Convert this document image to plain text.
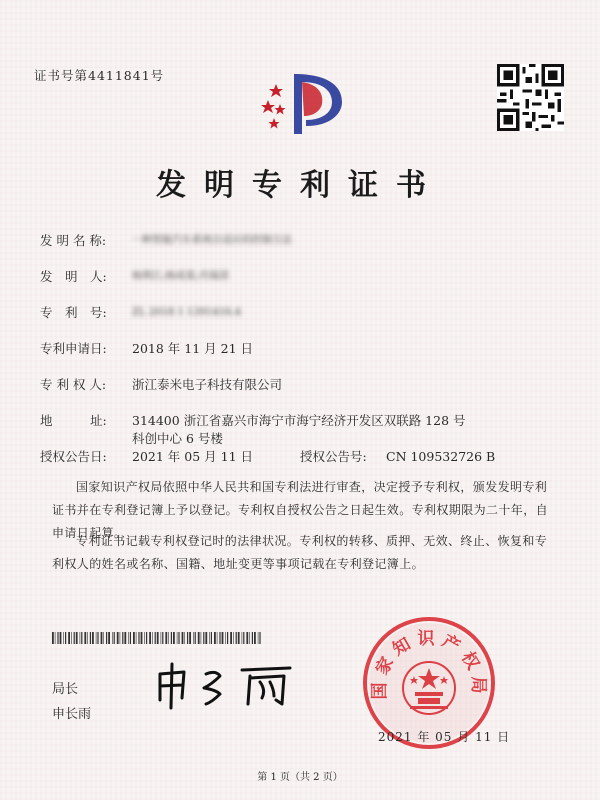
证书号第4411841号
发明专利证书
发 明 名 称:	一种智能汽车系统自适应的控制方法
发　明　人:	杨利江;杨成棠;肖瑞清
专　利　号:	ZL 2018 1 1391416.4
专利申请日: 2018 年 11 月 21 日
专 利 权 人: 浙江泰米电子科技有限公司
地　　　址: 314400 浙江省嘉兴市海宁市海宁经济开发区双联路 128 号
科创中心 6 号楼
授权公告日: 2021 年 05 月 11 日	授权公告号: CN 109532726 B
国家知识产权局依照中华人民共和国专利法进行审查，决定授予专利权，颁发发明专利证书并在专利登记簿上予以登记。专利权自授权公告之日起生效。专利权期限为二十年，自申请日起算。
专利证书记载专利权登记时的法律状况。专利权的转移、质押、无效、终止、恢复和专利权人的姓名或名称、国籍、地址变更等事项记载在专利登记簿上。
局长
申长雨
国家知识产权局
2021 年 05 月 11 日
第 1 页（共 2 页）
